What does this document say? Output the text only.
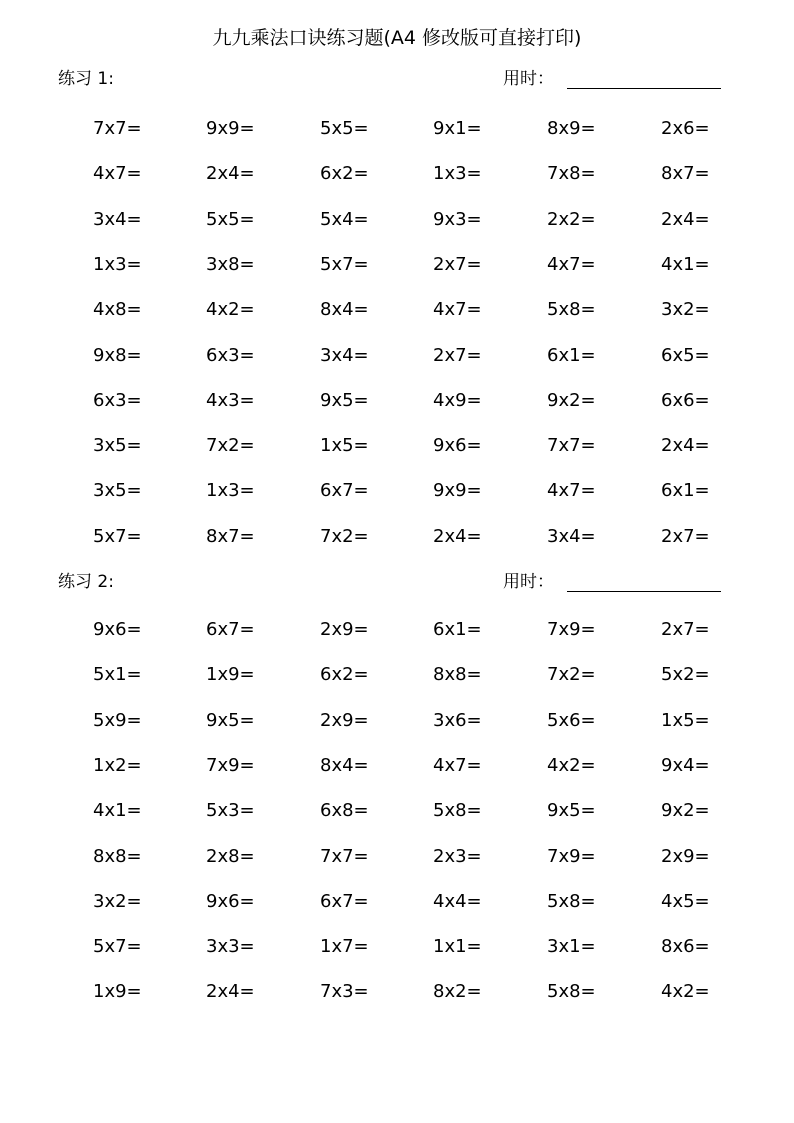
九九乘法口诀练习题(A4 修改版可直接打印)
练习 1:	用时：
练习 2:	用时：
7x7=	9x9=	5x5=	9x1=	8x9=	2x6=
4x7=	2x4=	6x2=	1x3=	7x8=	8x7=
3x4=	5x5=	5x4=	9x3=	2x2=	2x4=
1x3=	3x8=	5x7=	2x7=	4x7=	4x1=
4x8=	4x2=	8x4=	4x7=	5x8=	3x2=
9x8=	6x3=	3x4=	2x7=	6x1=	6x5=
6x3=	4x3=	9x5=	4x9=	9x2=	6x6=
3x5=	7x2=	1x5=	9x6=	7x7=	2x4=
3x5=	1x3=	6x7=	9x9=	4x7=	6x1=
5x7=	8x7=	7x2=	2x4=	3x4=	2x7=
9x6=	6x7=	2x9=	6x1=	7x9=	2x7=
5x1=	1x9=	6x2=	8x8=	7x2=	5x2=
5x9=	9x5=	2x9=	3x6=	5x6=	1x5=
1x2=	7x9=	8x4=	4x7=	4x2=	9x4=
4x1=	5x3=	6x8=	5x8=	9x5=	9x2=
8x8=	2x8=	7x7=	2x3=	7x9=	2x9=
3x2=	9x6=	6x7=	4x4=	5x8=	4x5=
5x7=	3x3=	1x7=	1x1=	3x1=	8x6=
1x9=	2x4=	7x3=	8x2=	5x8=	4x2=
